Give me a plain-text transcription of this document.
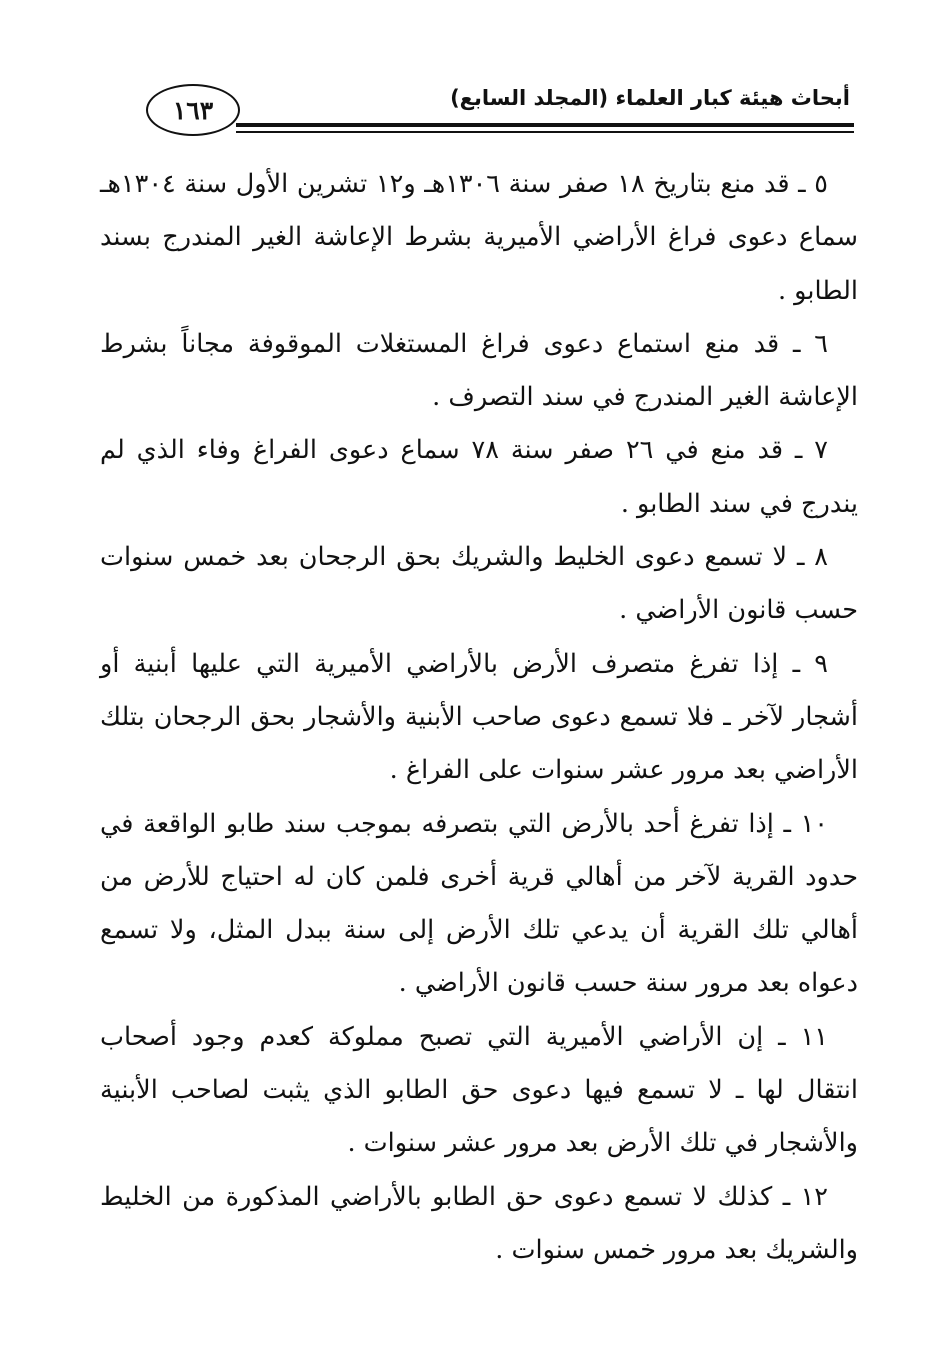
١٦٣	أبحاث هيئة كبار العلماء (المجلد السابع)

٥ ـ قد منع بتاريخ ١٨ صفر سنة ١٣٠٦هـ و١٢ تشرين الأول سنة ١٣٠٤هـ سماع دعوى فراغ الأراضي الأميرية بشرط الإعاشة الغير المندرج بسند الطابو .

٦ ـ قد منع استماع دعوى فراغ المستغلات الموقوفة مجاناً بشرط الإعاشة الغير المندرج في سند التصرف .

٧ ـ قد منع في ٢٦ صفر سنة ٧٨ سماع دعوى الفراغ وفاء الذي لم يندرج في سند الطابو .

٨ ـ لا تسمع دعوى الخليط والشريك بحق الرجحان بعد خمس سنوات حسب قانون الأراضي .

٩ ـ إذا تفرغ متصرف الأرض بالأراضي الأميرية التي عليها أبنية أو أشجار لآخر ـ فلا تسمع دعوى صاحب الأبنية والأشجار بحق الرجحان بتلك الأراضي بعد مرور عشر سنوات على الفراغ .

١٠ ـ إذا تفرغ أحد بالأرض التي بتصرفه بموجب سند طابو الواقعة في حدود القرية لآخر من أهالي قرية أخرى فلمن كان له احتياج للأرض من أهالي تلك القرية أن يدعي تلك الأرض إلى سنة ببدل المثل، ولا تسمع دعواه بعد مرور سنة حسب قانون الأراضي .

١١ ـ إن الأراضي الأميرية التي تصبح مملوكة كعدم وجود أصحاب انتقال لها ـ لا تسمع فيها دعوى حق الطابو الذي يثبت لصاحب الأبنية والأشجار في تلك الأرض بعد مرور عشر سنوات .

١٢ ـ كذلك لا تسمع دعوى حق الطابو بالأراضي المذكورة من الخليط والشريك بعد مرور خمس سنوات .
